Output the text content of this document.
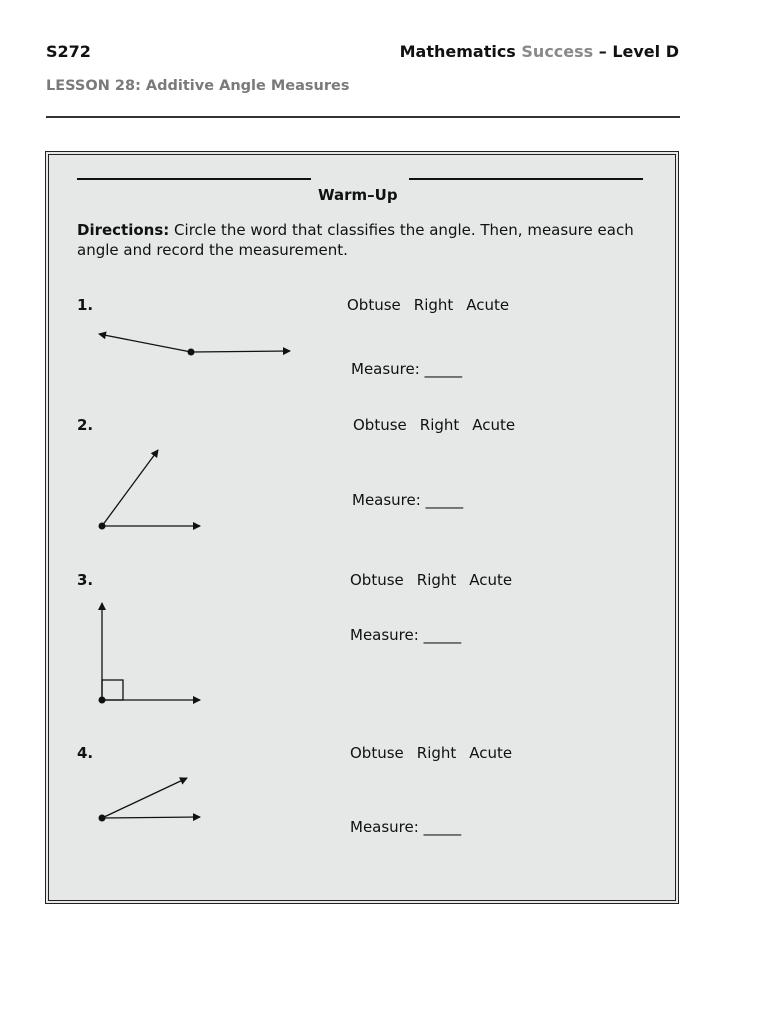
S272	Mathematics Success – Level D
LESSON 28: Additive Angle Measures
Warm–Up
Directions: Circle the word that classifies the angle. Then, measure each angle and record the measurement.
1.	Obtuse Right Acute
Measure: _____
2.	Obtuse Right Acute
Measure: _____
3.	Obtuse Right Acute
Measure: _____
4.	Obtuse Right Acute
Measure: _____
